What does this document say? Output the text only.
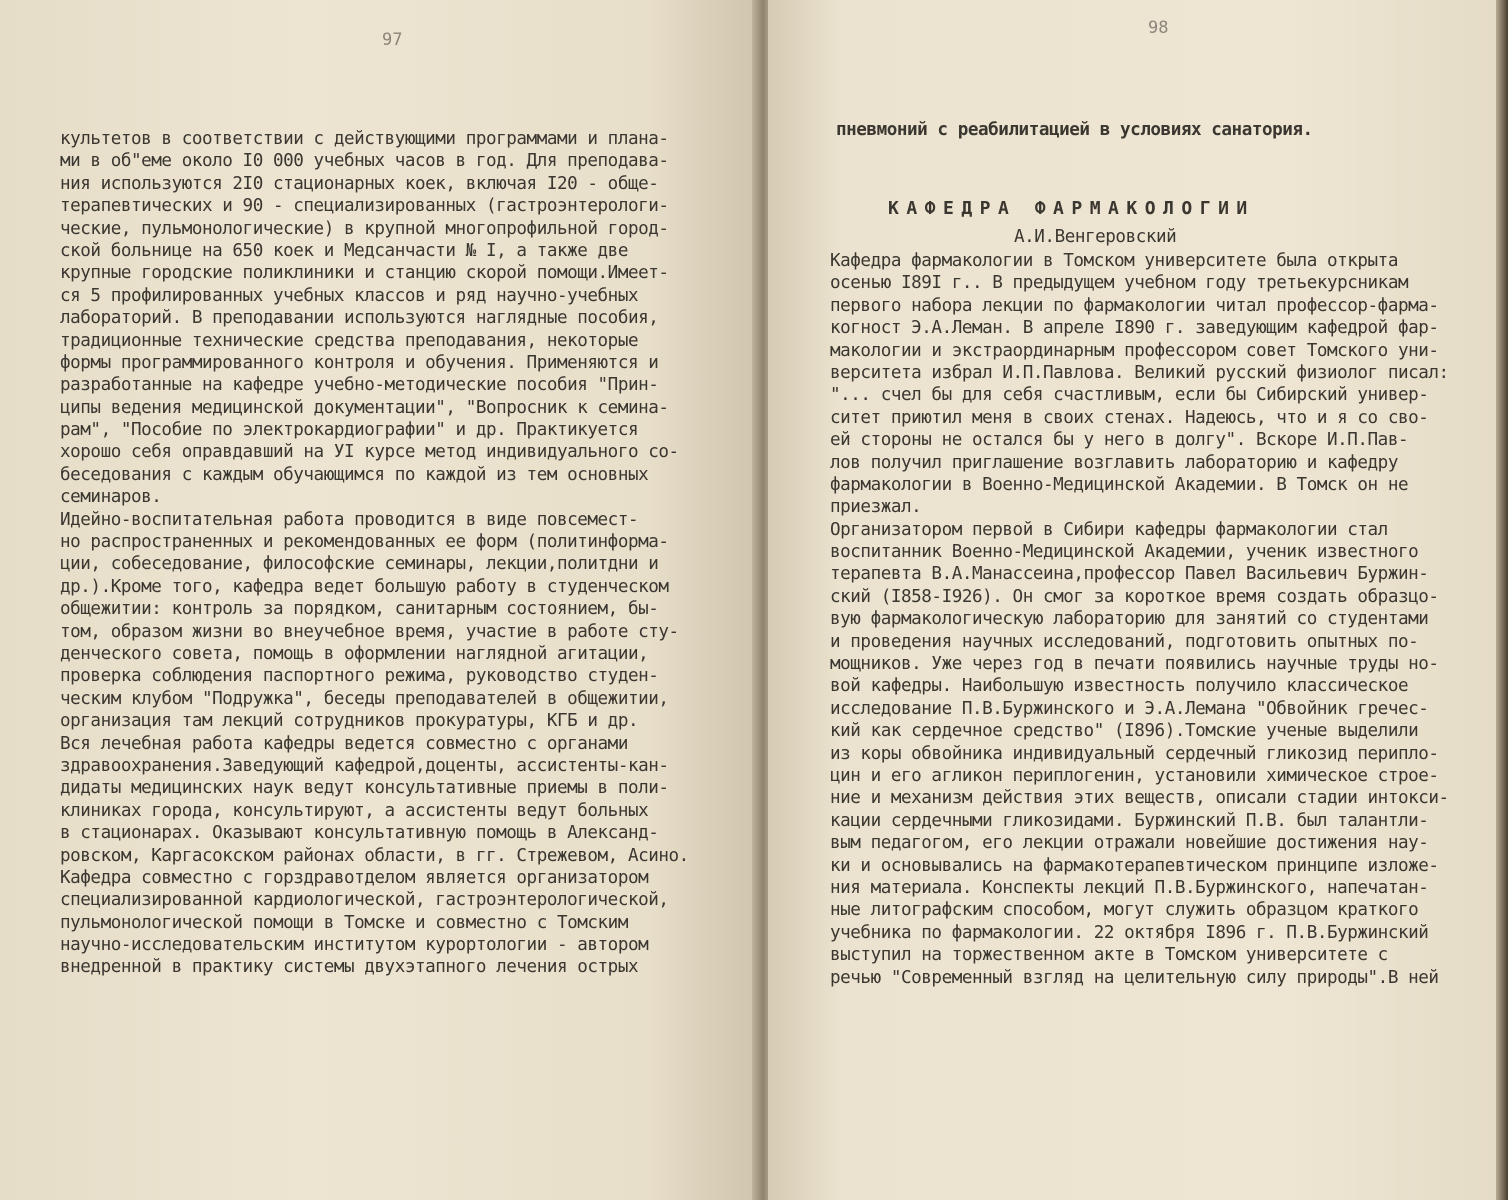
97
культетов в соответствии с действующими программами и плана-
ми в об"еме около I0 000 учебных часов в год. Для преподава-
ния используются 2I0 стационарных коек, включая I20 - обще-
терапевтических и 90 - специализированных (гастроэнтерологи-
ческие, пульмонологические) в крупной многопрофильной город-
ской больнице на 650 коек и Медсанчасти № I, а также две
крупные городские поликлиники и станцию скорой помощи.Имеет-
ся 5 профилированных учебных классов и ряд научно-учебных
лабораторий. В преподавании используются наглядные пособия,
традиционные технические средства преподавания, некоторые
формы программированного контроля и обучения. Применяются и
разработанные на кафедре учебно-методические пособия "Прин-
ципы ведения медицинской документации", "Вопросник к семина-
рам", "Пособие по электрокардиографии" и др. Практикуется
хорошо себя оправдавший на УI курсе метод индивидуального со-
беседования с каждым обучающимся по каждой из тем основных
семинаров.
Идейно-воспитательная работа проводится в виде повсемест-
но распространенных и рекомендованных ее форм (политинформа-
ции, собеседование, философские семинары, лекции,политдни и
др.).Кроме того, кафедра ведет большую работу в студенческом
общежитии: контроль за порядком, санитарным состоянием, бы-
том, образом жизни во внеучебное время, участие в работе сту-
денческого совета, помощь в оформлении наглядной агитации,
проверка соблюдения паспортного режима, руководство студен-
ческим клубом "Подружка", беседы преподавателей в общежитии,
организация там лекций сотрудников прокуратуры, КГБ и др.
Вся лечебная работа кафедры ведется совместно с органами
здравоохранения.Заведующий кафедрой,доценты, ассистенты-кан-
дидаты медицинских наук ведут консультативные приемы в поли-
клиниках города, консультируют, а ассистенты ведут больных
в стационарах. Оказывают консультативную помощь в Александ-
ровском, Каргасокском районах области, в гг. Стрежевом, Асино.
Кафедра совместно с горздравотделом является организатором
специализированной кардиологической, гастроэнтерологической,
пульмонологической помощи в Томске и совместно с Томским
научно-исследовательским институтом курортологии - автором
внедренной в практику системы двухэтапного лечения острых
98

пневмоний с реабилитацией в условиях санатория.

КАФЕДРА ФАРМАКОЛОГИИ

А.И.Венгеровский

Кафедра фармакологии в Томском университете была открыта
осенью I89I г.. В предыдущем учебном году третьекурсникам
первого набора лекции по фармакологии читал профессор-фарма-
когност Э.А.Леман. В апреле I890 г. заведующим кафедрой фар-
макологии и экстраординарным профессором совет Томского уни-
верситета избрал И.П.Павлова. Великий русский физиолог писал:
"... счел бы для себя счастливым, если бы Сибирский универ-
ситет приютил меня в своих стенах. Надеюсь, что и я со сво-
ей стороны не остался бы у него в долгу". Вскоре И.П.Пав-
лов получил приглашение возглавить лабораторию и кафедру
фармакологии в Военно-Медицинской Академии. В Томск он не
приезжал.
Организатором первой в Сибири кафедры фармакологии стал
воспитанник Военно-Медицинской Академии, ученик известного
терапевта В.А.Манассеина,профессор Павел Васильевич Буржин-
ский (I858-I926). Он смог за короткое время создать образцо-
вую фармакологическую лабораторию для занятий со студентами
и проведения научных исследований, подготовить опытных по-
мощников. Уже через год в печати появились научные труды но-
вой кафедры. Наибольшую известность получило классическое
исследование П.В.Буржинского и Э.А.Лемана "Обвойник гречес-
кий как сердечное средство" (I896).Томские ученые выделили
из коры обвойника индивидуальный сердечный гликозид периплo-
цин и его агликон периплогенин, установили химическое строе-
ние и механизм действия этих веществ, описали стадии интокси-
кации сердечными гликозидами. Буржинский П.В. был талантли-
вым педагогом, его лекции отражали новейшие достижения нау-
ки и основывались на фармакотерапевтическом принципе изложе-
ния материала. Конспекты лекций П.В.Буржинского, напечатан-
ные литографским способом, могут служить образцом краткого
учебника по фармакологии. 22 октября I896 г. П.В.Буржинский
выступил на торжественном акте в Томском университете с
речью "Современный взгляд на целительную силу природы".В ней
